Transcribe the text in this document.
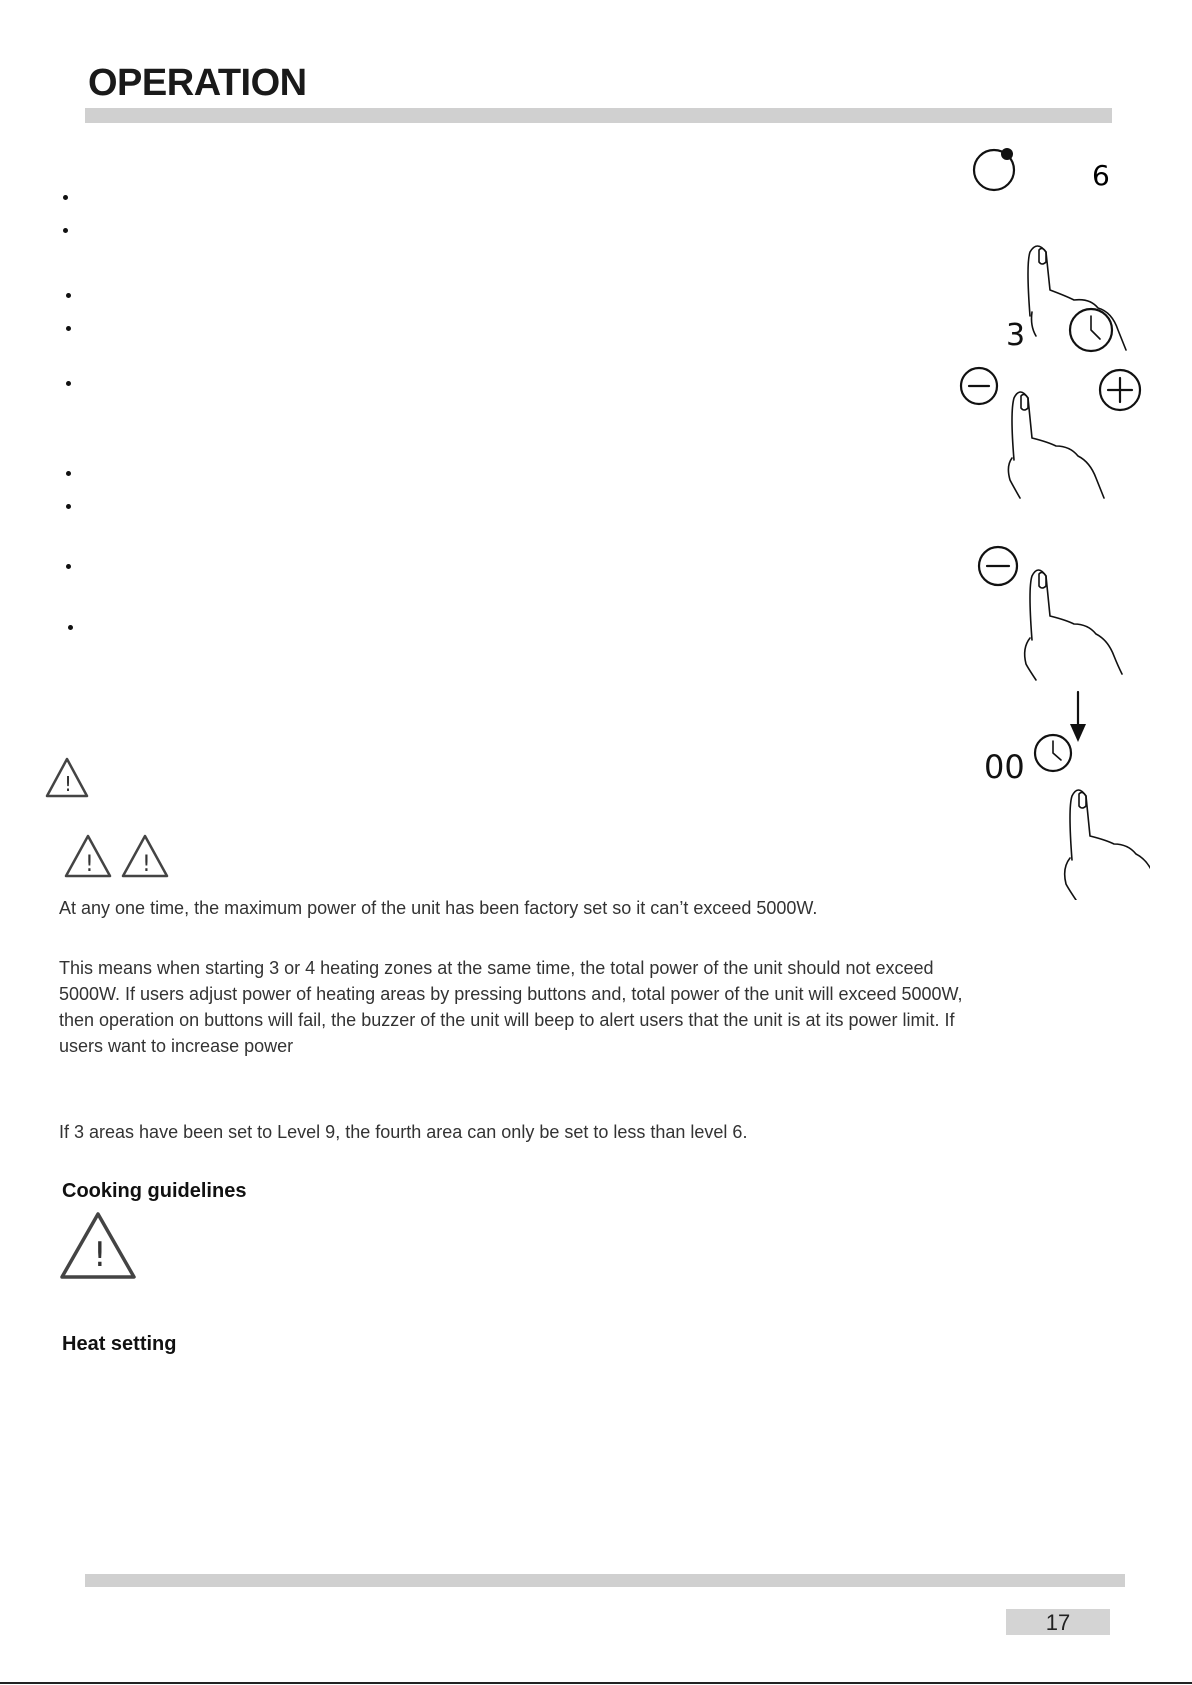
OPERATION
6
3
00
!
! !
At any one time, the maximum power of the unit has been factory set so it can’t exceed 5000W.
This means when starting 3 or 4 heating zones at the same time, the total power of the unit should not exceed 5000W. If users adjust power of heating areas by pressing buttons and, total power of the unit will exceed 5000W, then operation on buttons will fail, the buzzer of the unit will beep to alert users that the unit is at its power limit. If users want to increase power
If 3 areas have been set to Level 9, the fourth area can only be set to less than level 6.
Cooking guidelines
!
Heat setting
17
